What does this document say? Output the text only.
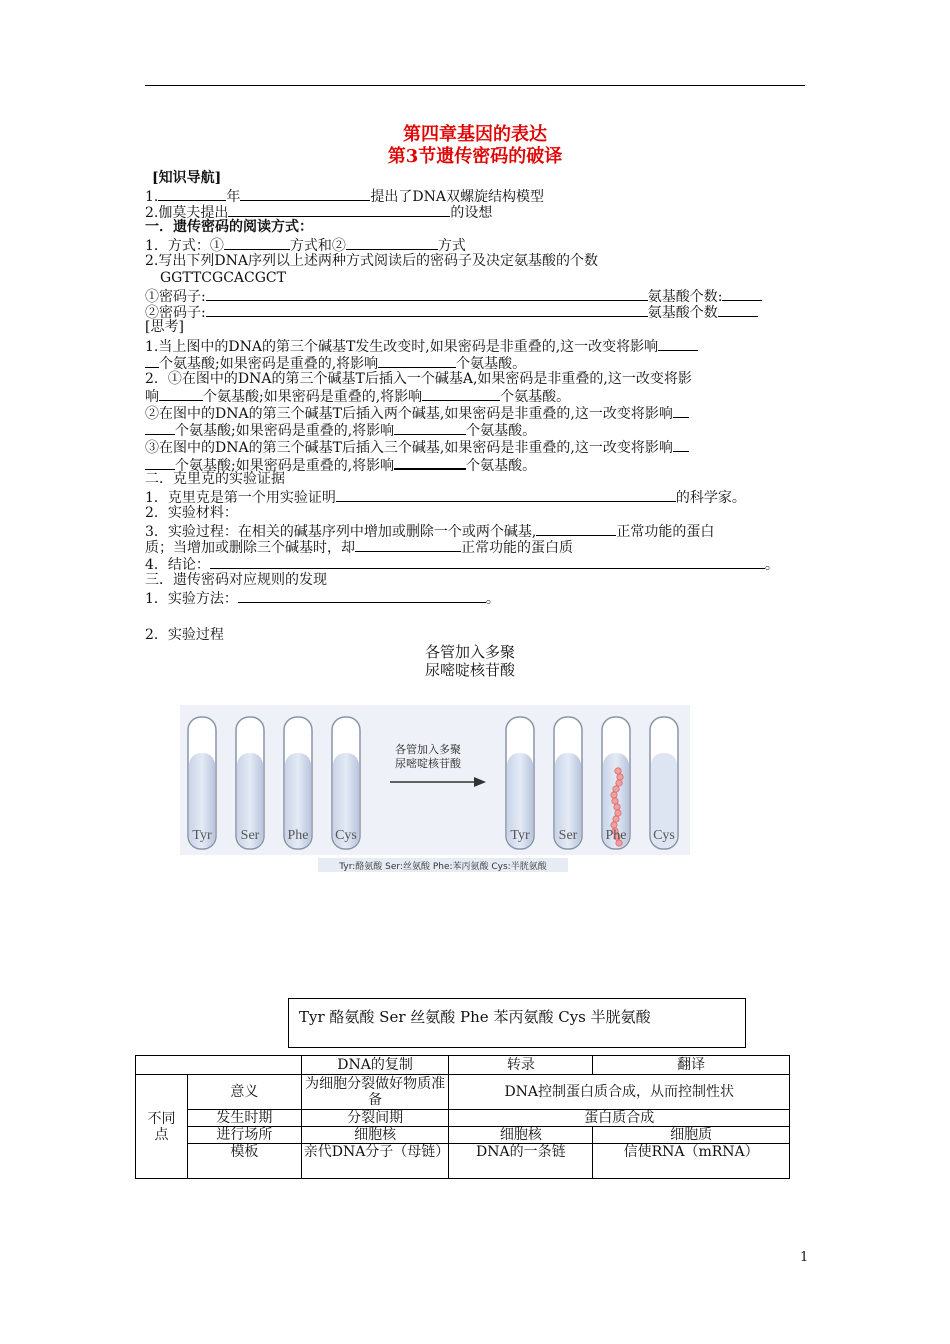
第四章基因的表达
第3节遗传密码的破译
[知识导航]
1.	年	提出了DNA双螺旋结构模型
2.伽莫夫提出	的设想
一．遗传密码的阅读方式：
1．方式：①	方式和②	方式
2.写出下列DNA序列以上述两种方式阅读后的密码子及决定氨基酸的个数
GGTTCGCACGCT
①密码子:	氨基酸个数:
②密码子:	氨基酸个数
[思考]
1.当上图中的DNA的第三个碱基T发生改变时,如果密码是非重叠的,这一改变将影响
个氨基酸;如果密码是重叠的,将影响	个氨基酸。
2．①在图中的DNA的第三个碱基T后插入一个碱基A,如果密码是非重叠的,这一改变将影
响	个氨基酸;如果密码是重叠的,将影响	个氨基酸。
②在图中的DNA的第三个碱基T后插入两个碱基,如果密码是非重叠的,这一改变将影响
个氨基酸;如果密码是重叠的,将影响	个氨基酸。
③在图中的DNA的第三个碱基T后插入三个碱基,如果密码是非重叠的,这一改变将影响
个氨基酸;如果密码是重叠的,将影响	个氨基酸。
二．克里克的实验证据
1．克里克是第一个用实验证明	的科学家。
2．实验材料：
3．实验过程：在相关的碱基序列中增加或删除一个或两个碱基,	正常功能的蛋白
质；当增加或删除三个碱基时，却	正常功能的蛋白质
4．结论：	。
三．遗传密码对应规则的发现
1．实验方法：	。
2．实验过程
各管加入多聚
尿嘧啶核苷酸
Tyr Ser Phe Cys
各管加入多聚
尿嘧啶核苷酸
Tyr Ser
Tyr:酪氨酸 Ser:丝氨酸 Phe:苯丙氨酸 Cys:半胱氨酸
Phe Cys
Tyr 酪氨酸 Ser 丝氨酸 Phe 苯丙氨酸 Cys 半胱氨酸
		DNA的复制	转录	翻译
不同点	意义	为细胞分裂做好物质准备	DNA控制蛋白质合成，从而控制性状	
	发生时期	分裂间期	蛋白质合成	
	进行场所	细胞核	细胞核	细胞质
	模板	亲代DNA分子（母链）	DNA的一条链	信使RNA（mRNA）
1
